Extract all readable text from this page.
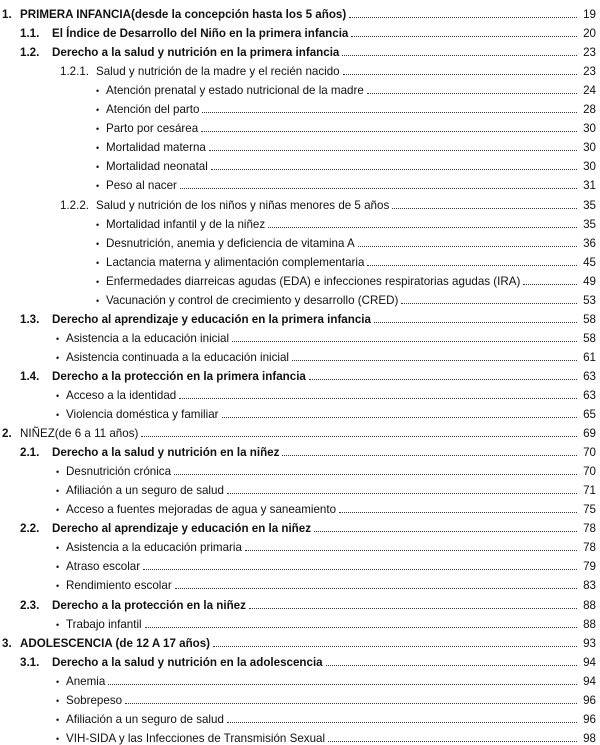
1. PRIMERA INFANCIA (desde la concepción hasta los 5 años)	19
1.1.	El Índice de Desarrollo del Niño en la primera infancia	20
1.2.	Derecho a la salud y nutrición en la primera infancia	23
1.2.1. Salud y nutrición de la madre y el recién nacido	23
• Atención prenatal y estado nutricional de la madre	24
• Atención del parto	28
• Parto por cesárea	30
• Mortalidad materna	30
• Mortalidad neonatal	30
• Peso al nacer	31
1.2.2. Salud y nutrición de los niños y niñas menores de 5 años	35
• Mortalidad infantil y de la niñez	35
• Desnutrición, anemia y deficiencia de vitamina A	36
• Lactancia materna y alimentación complementaria	45
• Enfermedades diarreicas agudas (EDA) e infecciones respiratorias agudas (IRA)	49
• Vacunación y control de crecimiento y desarrollo (CRED)	53
1.3.	Derecho al aprendizaje y educación en la primera infancia	58
• Asistencia a la educación inicial	58
• Asistencia continuada a la educación inicial	61
1.4.	Derecho a la protección en la primera infancia	63
• Acceso a la identidad	63
• Violencia doméstica y familiar	65
2. NIÑEZ (de 6 a 11 años)	69
2.1.	Derecho a la salud y nutrición en la niñez	70
• Desnutrición crónica	70
• Afiliación a un seguro de salud	71
• Acceso a fuentes mejoradas de agua y saneamiento	75
2.2.	Derecho al aprendizaje y educación en la niñez	78
• Asistencia a la educación primaria	78
• Atraso escolar	79
• Rendimiento escolar	83
2.3.	Derecho a la protección en la niñez	88
• Trabajo infantil	88
3. ADOLESCENCIA (de 12 A 17 años)	93
3.1.	Derecho a la salud y nutrición en la adolescencia	94
• Anemia	94
• Sobrepeso	96
• Afiliación a un seguro de salud	96
• VIH-SIDA y las Infecciones de Transmisión Sexual	98
